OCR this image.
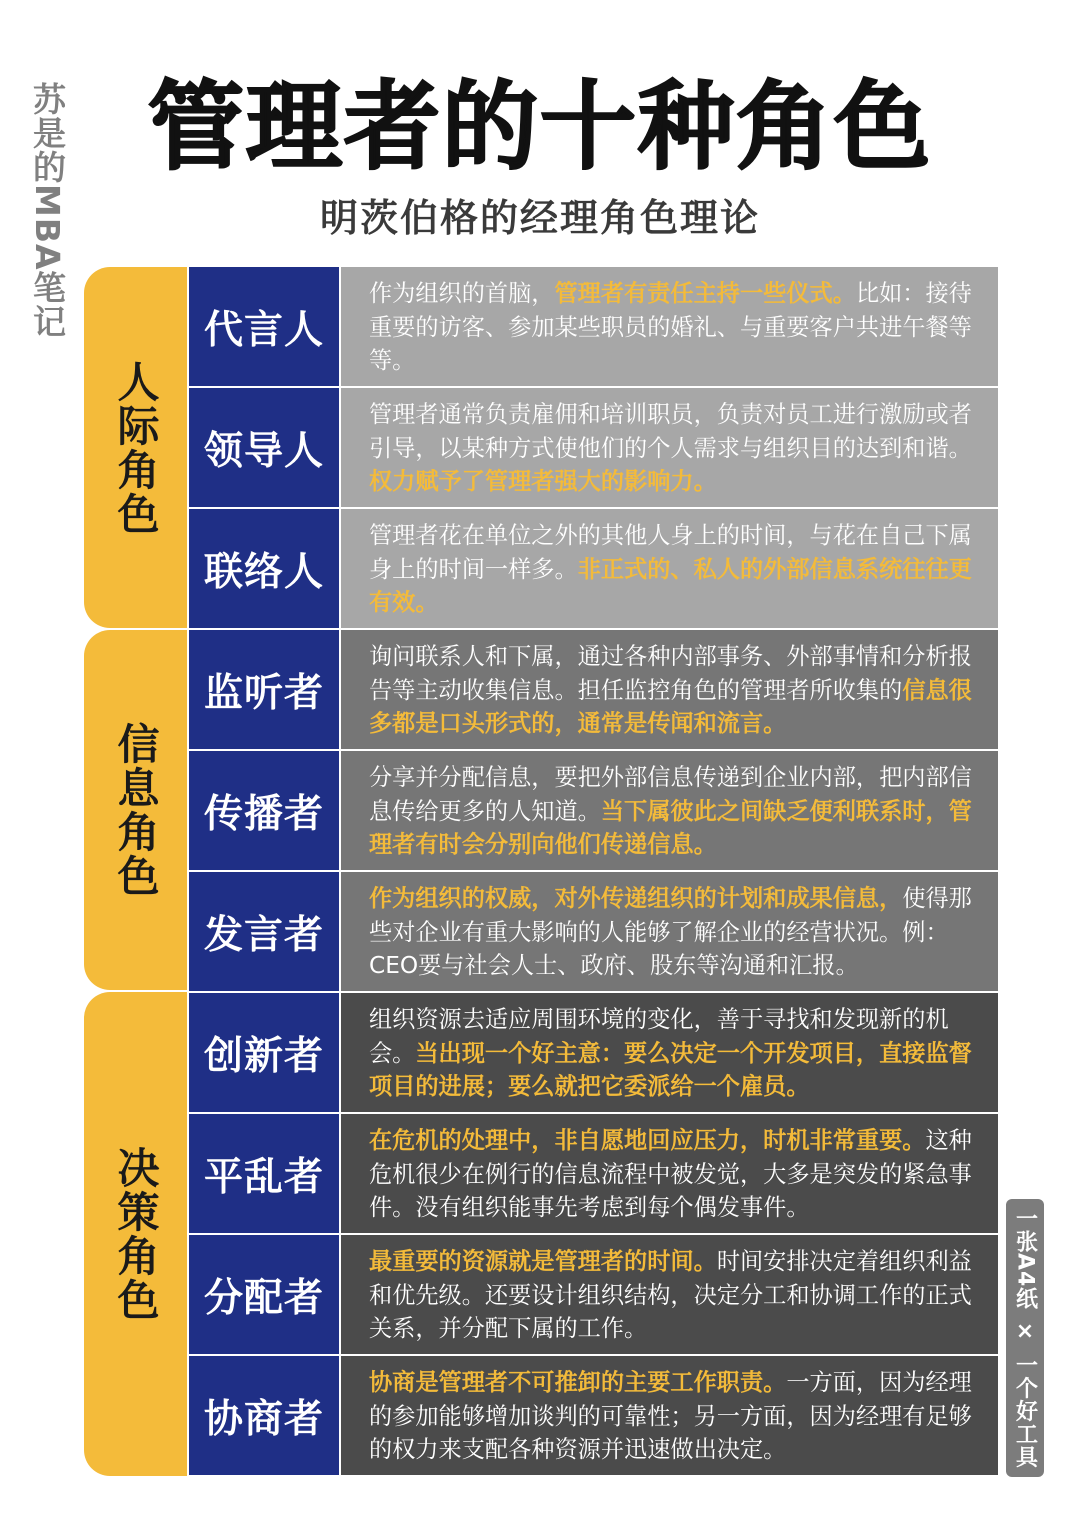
苏是的MBA笔记 管理者的十种角色
明茨伯格的经理角色理论
人际角色
信息角色
决策角色
代言人
作为组织的首脑，管理者有责任主持一些仪式。比如：接待重要的访客、参加某些职员的婚礼、与重要客户共进午餐等等。
领导人
管理者通常负责雇佣和培训职员，负责对员工进行激励或者引导，以某种方式使他们的个人需求与组织目的达到和谐。权力赋予了管理者强大的影响力。
联络人
管理者花在单位之外的其他人身上的时间，与花在自己下属身上的时间一样多。非正式的、私人的外部信息系统往往更有效。
监听者
询问联系人和下属，通过各种内部事务、外部事情和分析报告等主动收集信息。担任监控角色的管理者所收集的信息很多都是口头形式的，通常是传闻和流言。
传播者
分享并分配信息，要把外部信息传递到企业内部，把内部信息传给更多的人知道。当下属彼此之间缺乏便利联系时，管理者有时会分别向他们传递信息。
发言者
作为组织的权威，对外传递组织的计划和成果信息，使得那些对企业有重大影响的人能够了解企业的经营状况。例：CEO要与社会人士、政府、股东等沟通和汇报。
创新者
组织资源去适应周围环境的变化，善于寻找和发现新的机会。当出现一个好主意：要么决定一个开发项目，直接监督项目的进展；要么就把它委派给一个雇员。
平乱者
在危机的处理中，非自愿地回应压力，时机非常重要。这种危机很少在例行的信息流程中被发觉，大多是突发的紧急事件。没有组织能事先考虑到每个偶发事件。
分配者
最重要的资源就是管理者的时间。时间安排决定着组织利益和优先级。还要设计组织结构，决定分工和协调工作的正式关系，并分配下属的工作。
协商者
协商是管理者不可推卸的主要工作职责。一方面，因为经理的参加能够增加谈判的可靠性；另一方面，因为经理有足够的权力来支配各种资源并迅速做出决定。	一张A4纸 × 一个好工具
